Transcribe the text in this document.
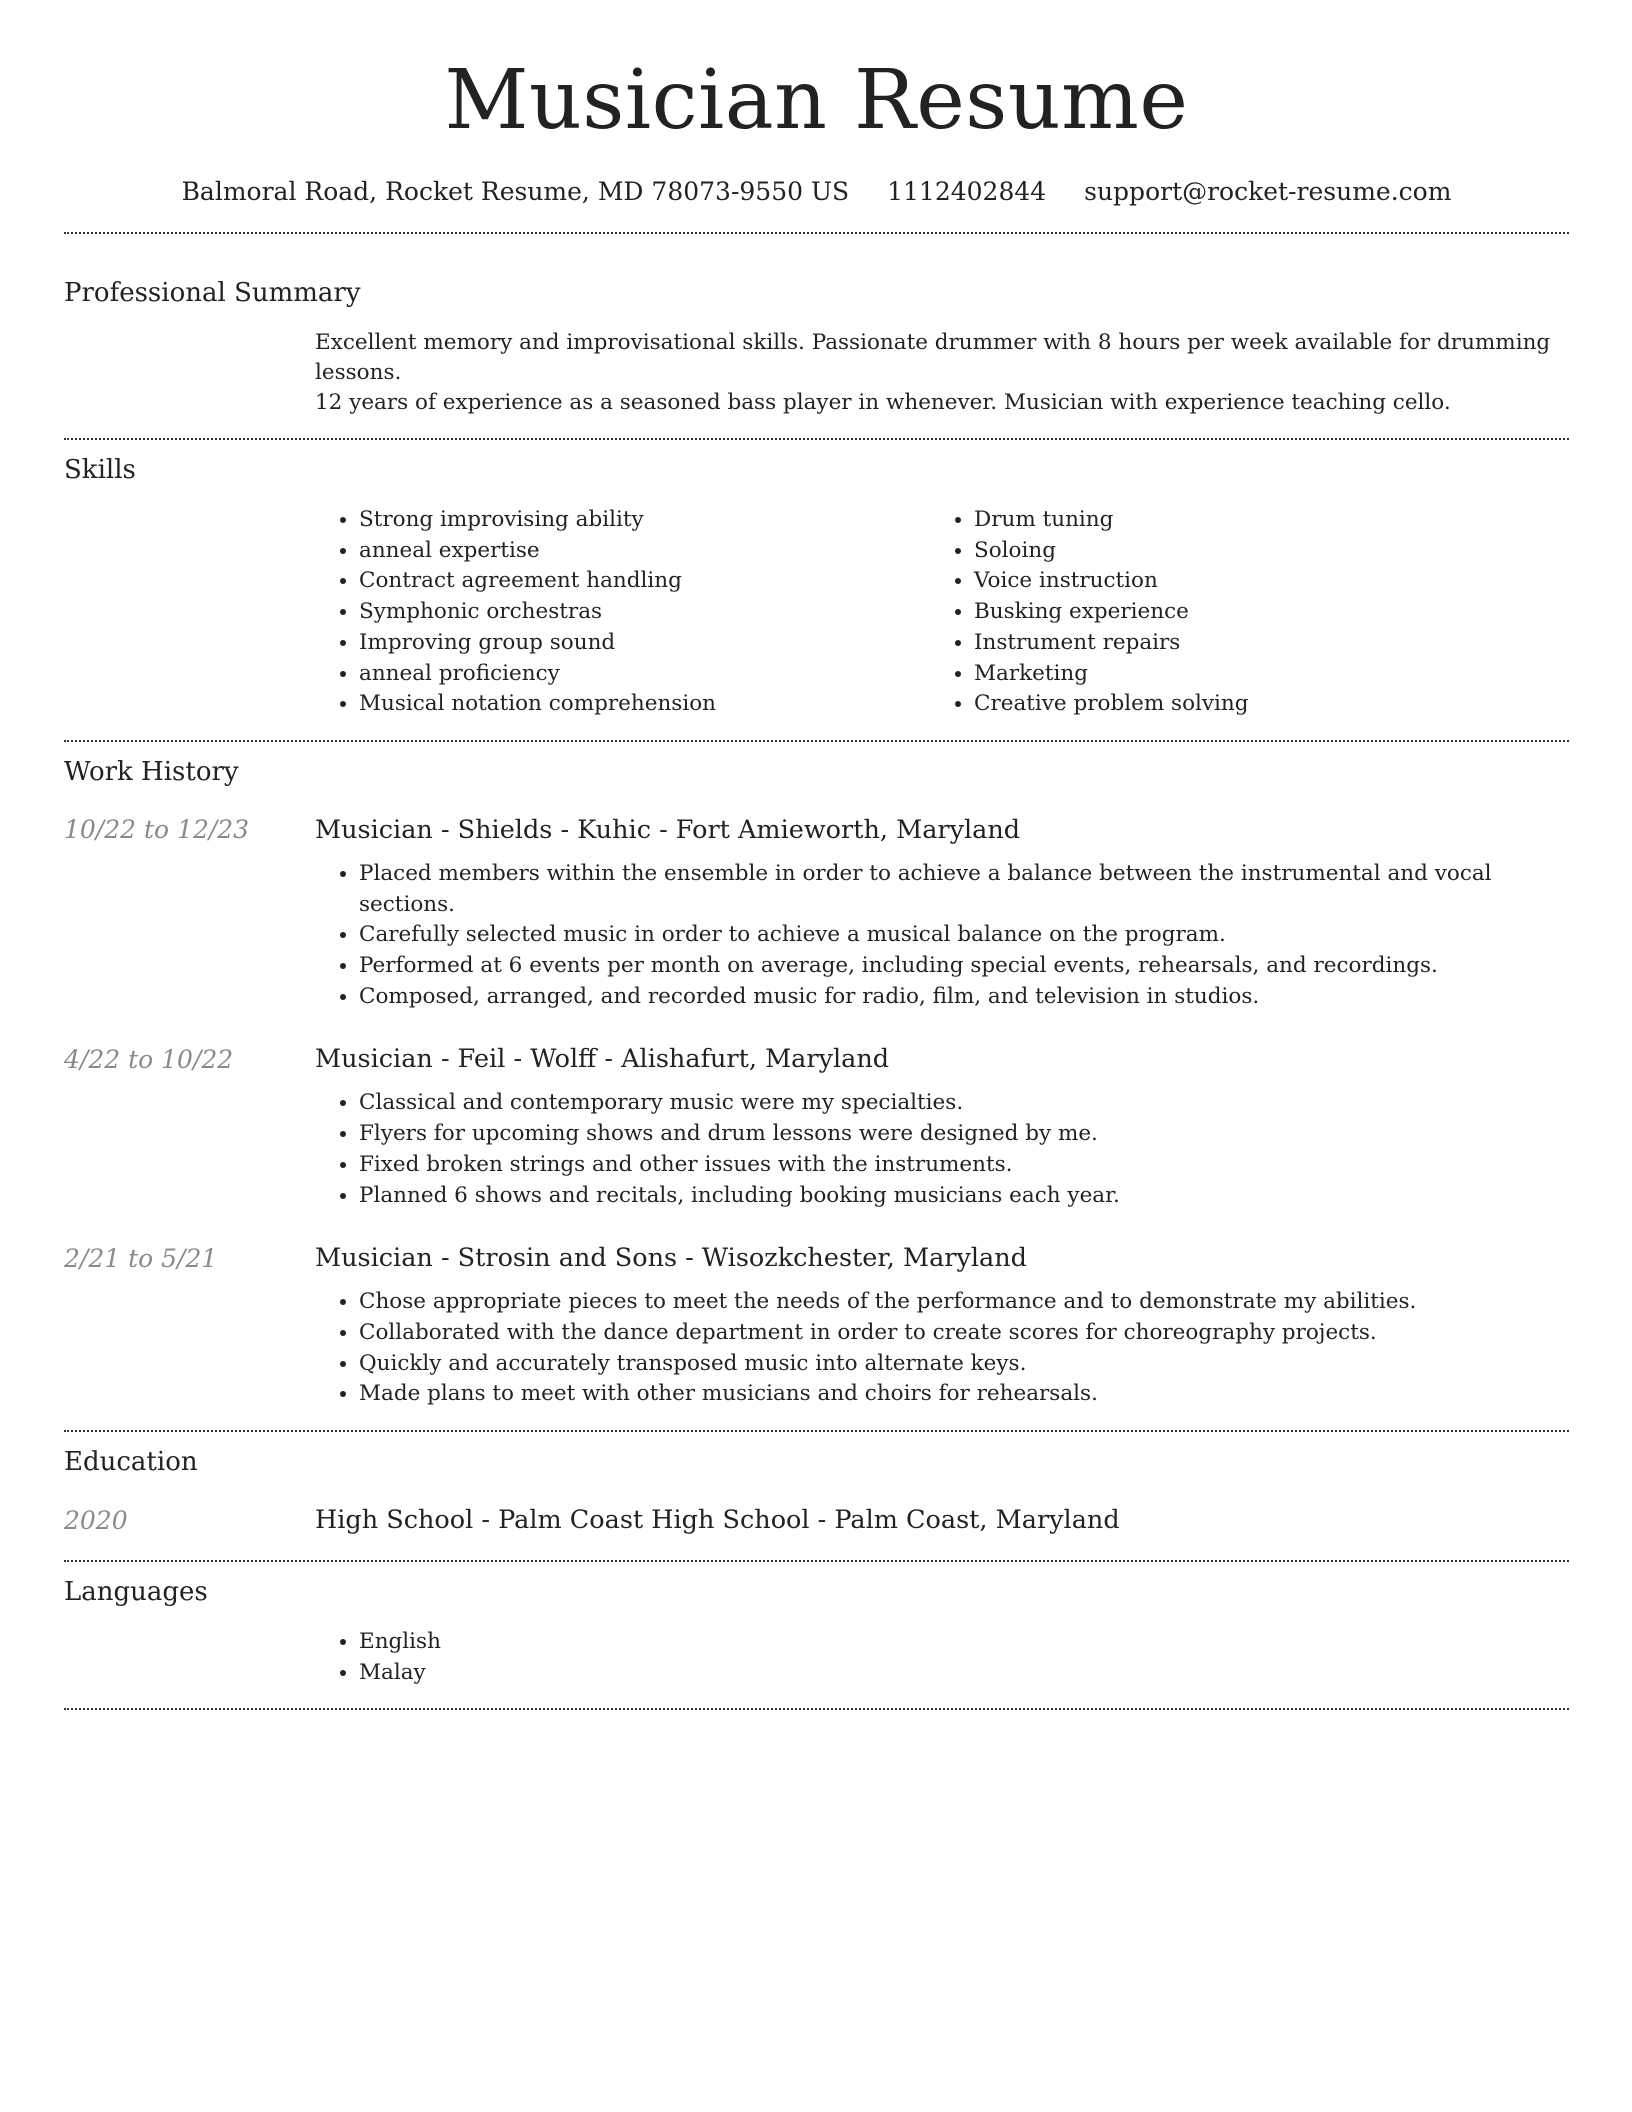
Musician Resume
Balmoral Road, Rocket Resume, MD 78073-9550 US 1112402844 support@rocket-resume.com
Professional Summary
Excellent memory and improvisational skills. Passionate drummer with 8 hours per week available for drumming lessons.
12 years of experience as a seasoned bass player in whenever. Musician with experience teaching cello.
Skills
• Strong improvising ability
• anneal expertise
• Contract agreement handling
• Symphonic orchestras
• Improving group sound
• anneal proficiency
• Musical notation comprehension
• Drum tuning
• Soloing
• Voice instruction
• Busking experience
• Instrument repairs
• Marketing
• Creative problem solving
Work History
10/22 to 12/23	Musician - Shields - Kuhic - Fort Amieworth, Maryland
• Placed members within the ensemble in order to achieve a balance between the instrumental and vocal sections.
• Carefully selected music in order to achieve a musical balance on the program.
• Performed at 6 events per month on average, including special events, rehearsals, and recordings.
• Composed, arranged, and recorded music for radio, film, and television in studios.
4/22 to 10/22	Musician - Feil - Wolff - Alishafurt, Maryland
• Classical and contemporary music were my specialties.
• Flyers for upcoming shows and drum lessons were designed by me.
• Fixed broken strings and other issues with the instruments.
• Planned 6 shows and recitals, including booking musicians each year.
2/21 to 5/21	Musician - Strosin and Sons - Wisozkchester, Maryland
• Chose appropriate pieces to meet the needs of the performance and to demonstrate my abilities.
• Collaborated with the dance department in order to create scores for choreography projects.
• Quickly and accurately transposed music into alternate keys.
• Made plans to meet with other musicians and choirs for rehearsals.
Education
2020	High School - Palm Coast High School - Palm Coast, Maryland
Languages
• English
• Malay
